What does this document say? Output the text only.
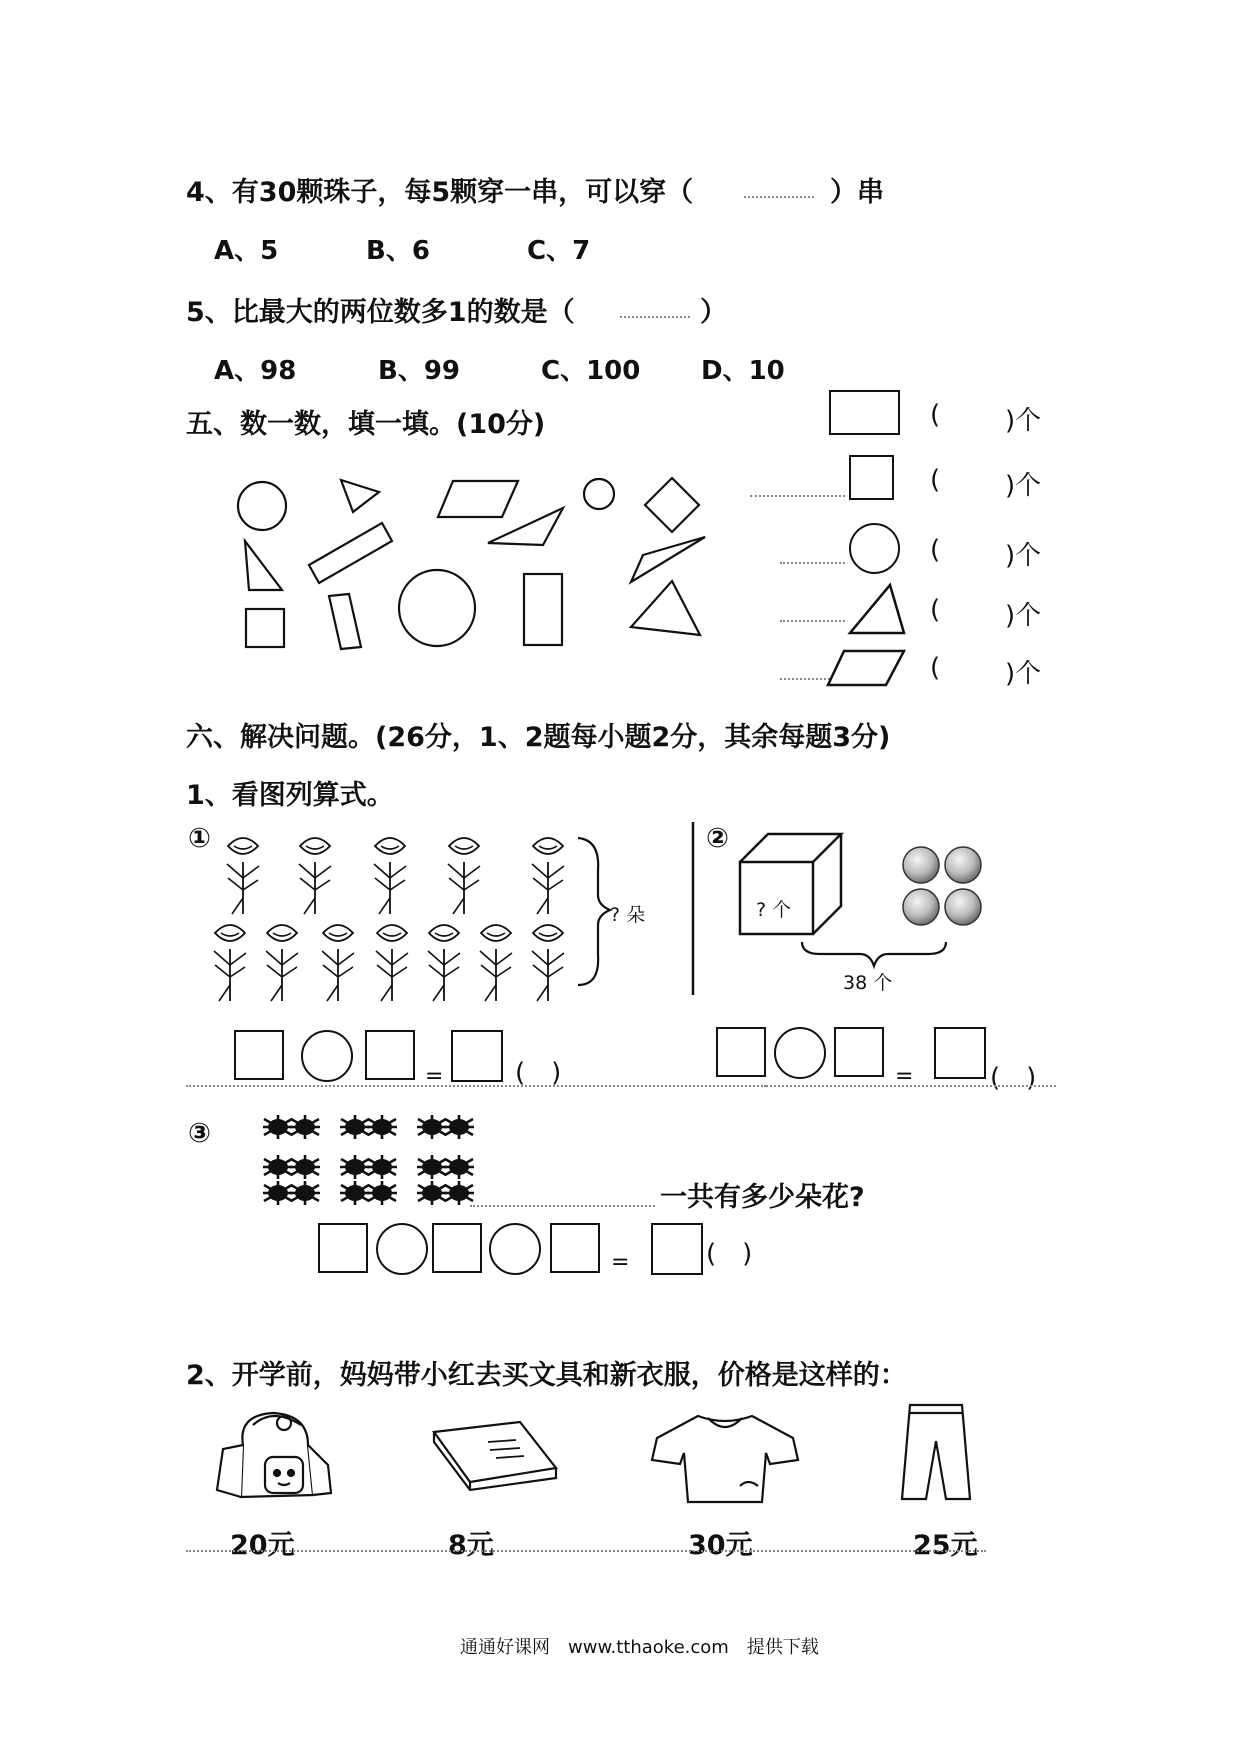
4、有30颗珠子，每5颗穿一串，可以穿（	）串
A、5	B、6	C、7
5、比最大的两位数多1的数是（	）
A、98	B、99	C、100 D、10
五、数一数，填一填。(10分)	( )个
( )个
( )个
( )个
( )个
六、解决问题。(26分，1、2题每小题2分，其余每题3分)
1、看图列算式。
①
? 朵
=	(　)
②
? 个
38 个
=	(　)
③
一共有多少朵花?
=	(　)
2、开学前，妈妈带小红去买文具和新衣服，价格是这样的：
20元	8元	30元	25元
通通好课网　www.tthaoke.com　提供下载
